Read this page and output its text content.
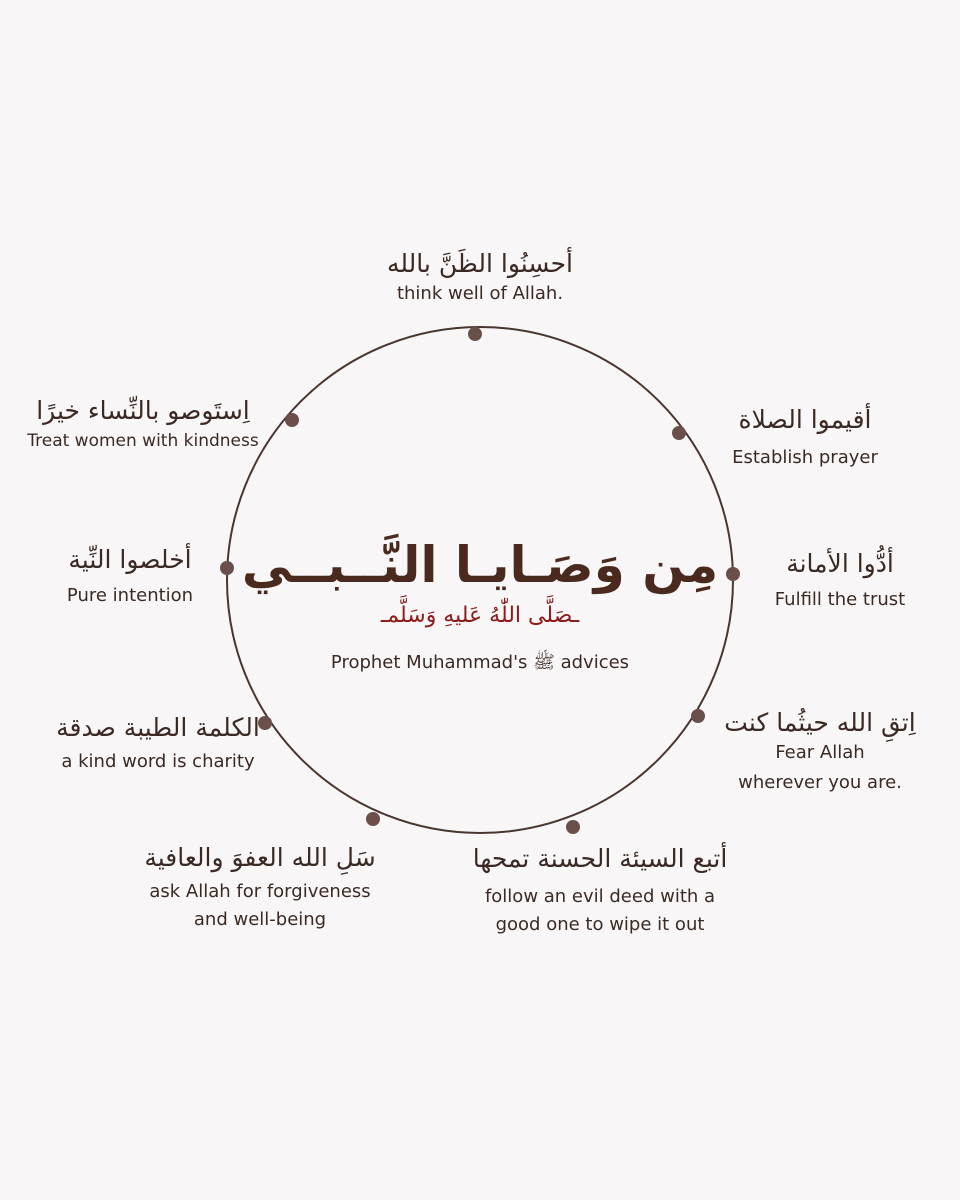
أحسِنُوا الظَنَّ بالله
think well of Allah.
أقيموا الصلاة
Establish prayer
أدُّوا الأمانة
Fulfill the trust
اِتقِ الله حيثُما كنت
Fear Allah
wherever you are.
أتبع السيئة الحسنة تمحها
follow an evil deed with a
good one to wipe it out
سَلِ الله العفوَ والعافية
ask Allah for forgiveness
and well-being
الكلمة الطيبة صدقة
a kind word is charity
أخلصوا النِّية
Pure intention
اِستَوصو بالنِّساء خيرًا
Treat women with kindness
مِن وَصَـايـا النَّــبــي
ـصَلَّى اللّٰهُ عَليهِ وَسَلَّمـ
Prophet Muhammad's ﷺ advices
